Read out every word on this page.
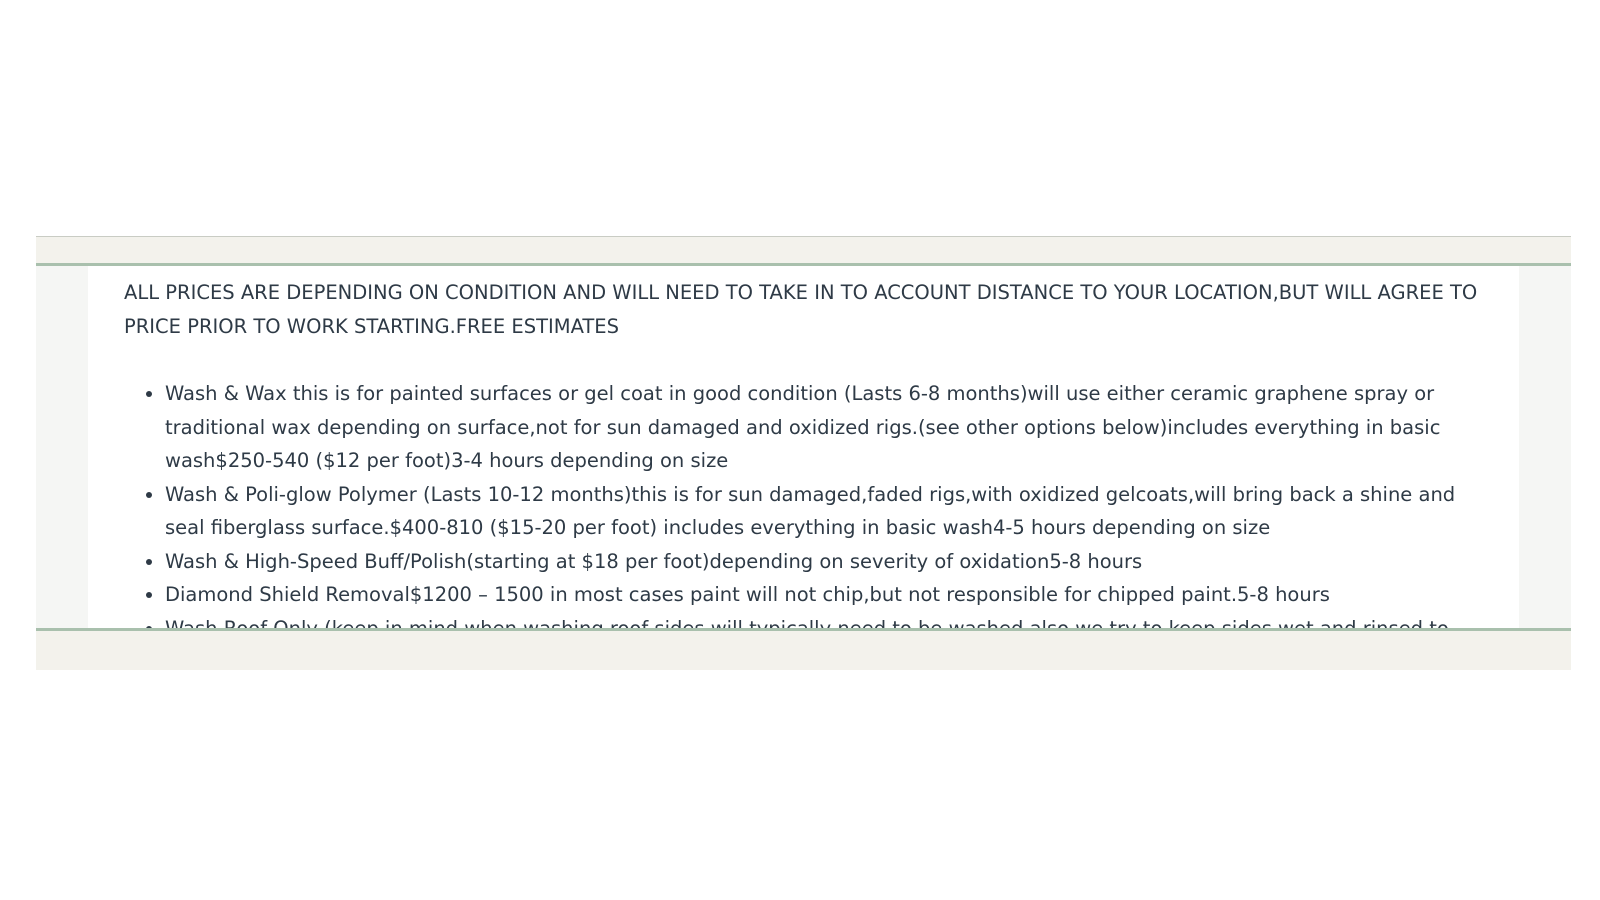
ALL PRICES ARE DEPENDING ON CONDITION AND WILL NEED TO TAKE IN TO ACCOUNT DISTANCE TO YOUR LOCATION,BUT WILL AGREE TO PRICE PRIOR TO WORK STARTING.FREE ESTIMATES

• Wash & Wax this is for painted surfaces or gel coat in good condition (Lasts 6-8 months)will use either ceramic graphene spray or traditional wax depending on surface,not for sun damaged and oxidized rigs.(see other options below)includes everything in basic wash$250-540 ($12 per foot)3-4 hours depending on size
• Wash & Poli-glow Polymer (Lasts 10-12 months)this is for sun damaged,faded rigs,with oxidized gelcoats,will bring back a shine and seal fiberglass surface.$400-810 ($15-20 per foot) includes everything in basic wash4-5 hours depending on size
• Wash & High-Speed Buff/Polish(starting at $18 per foot)depending on severity of oxidation5-8 hours
• Diamond Shield Removal$1200 – 1500 in most cases paint will not chip,but not responsible for chipped paint.5-8 hours
•
